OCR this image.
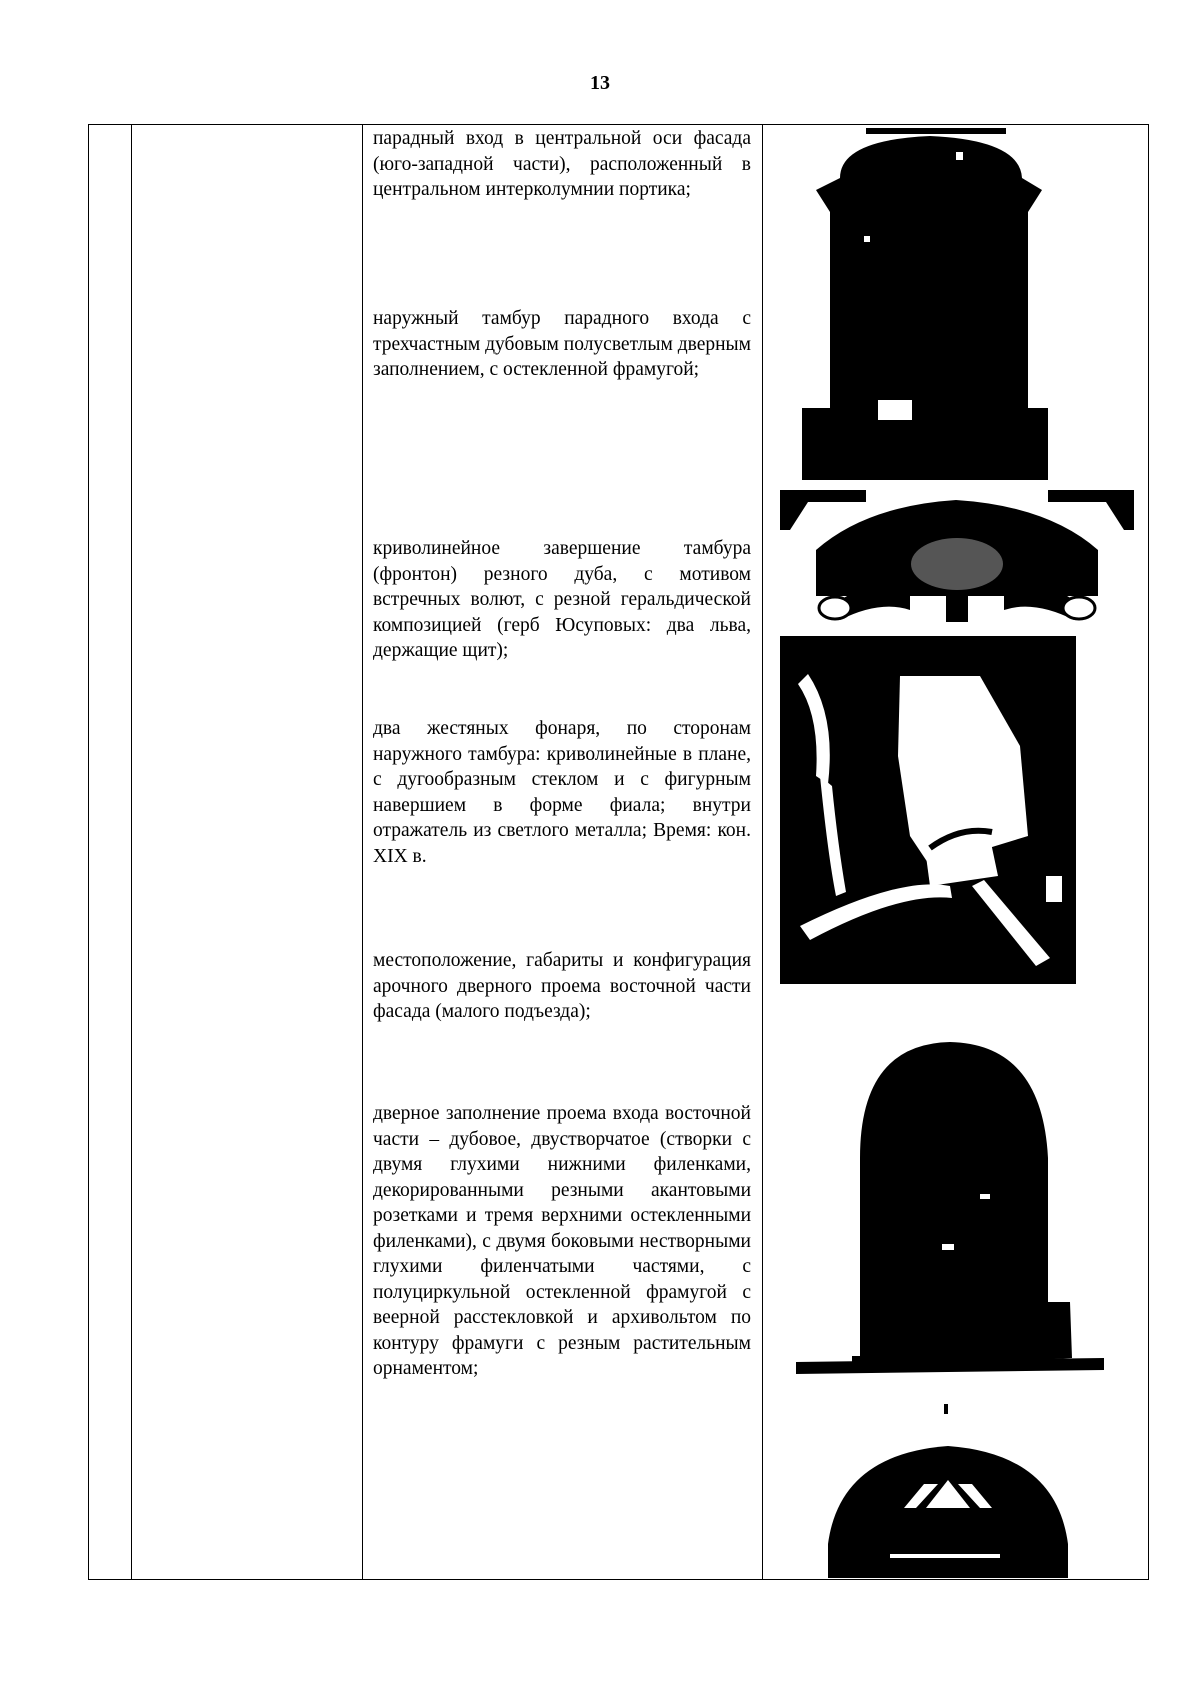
13
парадный вход в центральной оси фасада (юго-западной части), расположенный в центральном интерколумнии портика;
наружный тамбур парадного входа с трехчастным дубовым полусветлым дверным заполнением, с остекленной фрамугой;
криволинейное завершение тамбура (фронтон) резного дуба, с мотивом встречных волют, с резной геральдической композицией (герб Юсуповых: два льва, держащие щит);
два жестяных фонаря, по сторонам наружного тамбура: криволинейные в плане, с дугообразным стеклом и с фигурным навершием в форме фиала; внутри отражатель из светлого металла; Время: кон. XIX в.
местоположение, габариты и конфигурация арочного дверного проема восточной части фасада (малого подъезда);
дверное заполнение проема входа восточной части – дубовое, двустворчатое (створки с двумя глухими нижними филенками, декорированными резными акантовыми розетками и тремя верхними остекленными филенками), с двумя боковыми нестворными глухими филенчатыми частями, с полуциркульной остекленной фрамугой с веерной расстекловкой и архивольтом по контуру фрамуги с резным растительным орнаментом;
